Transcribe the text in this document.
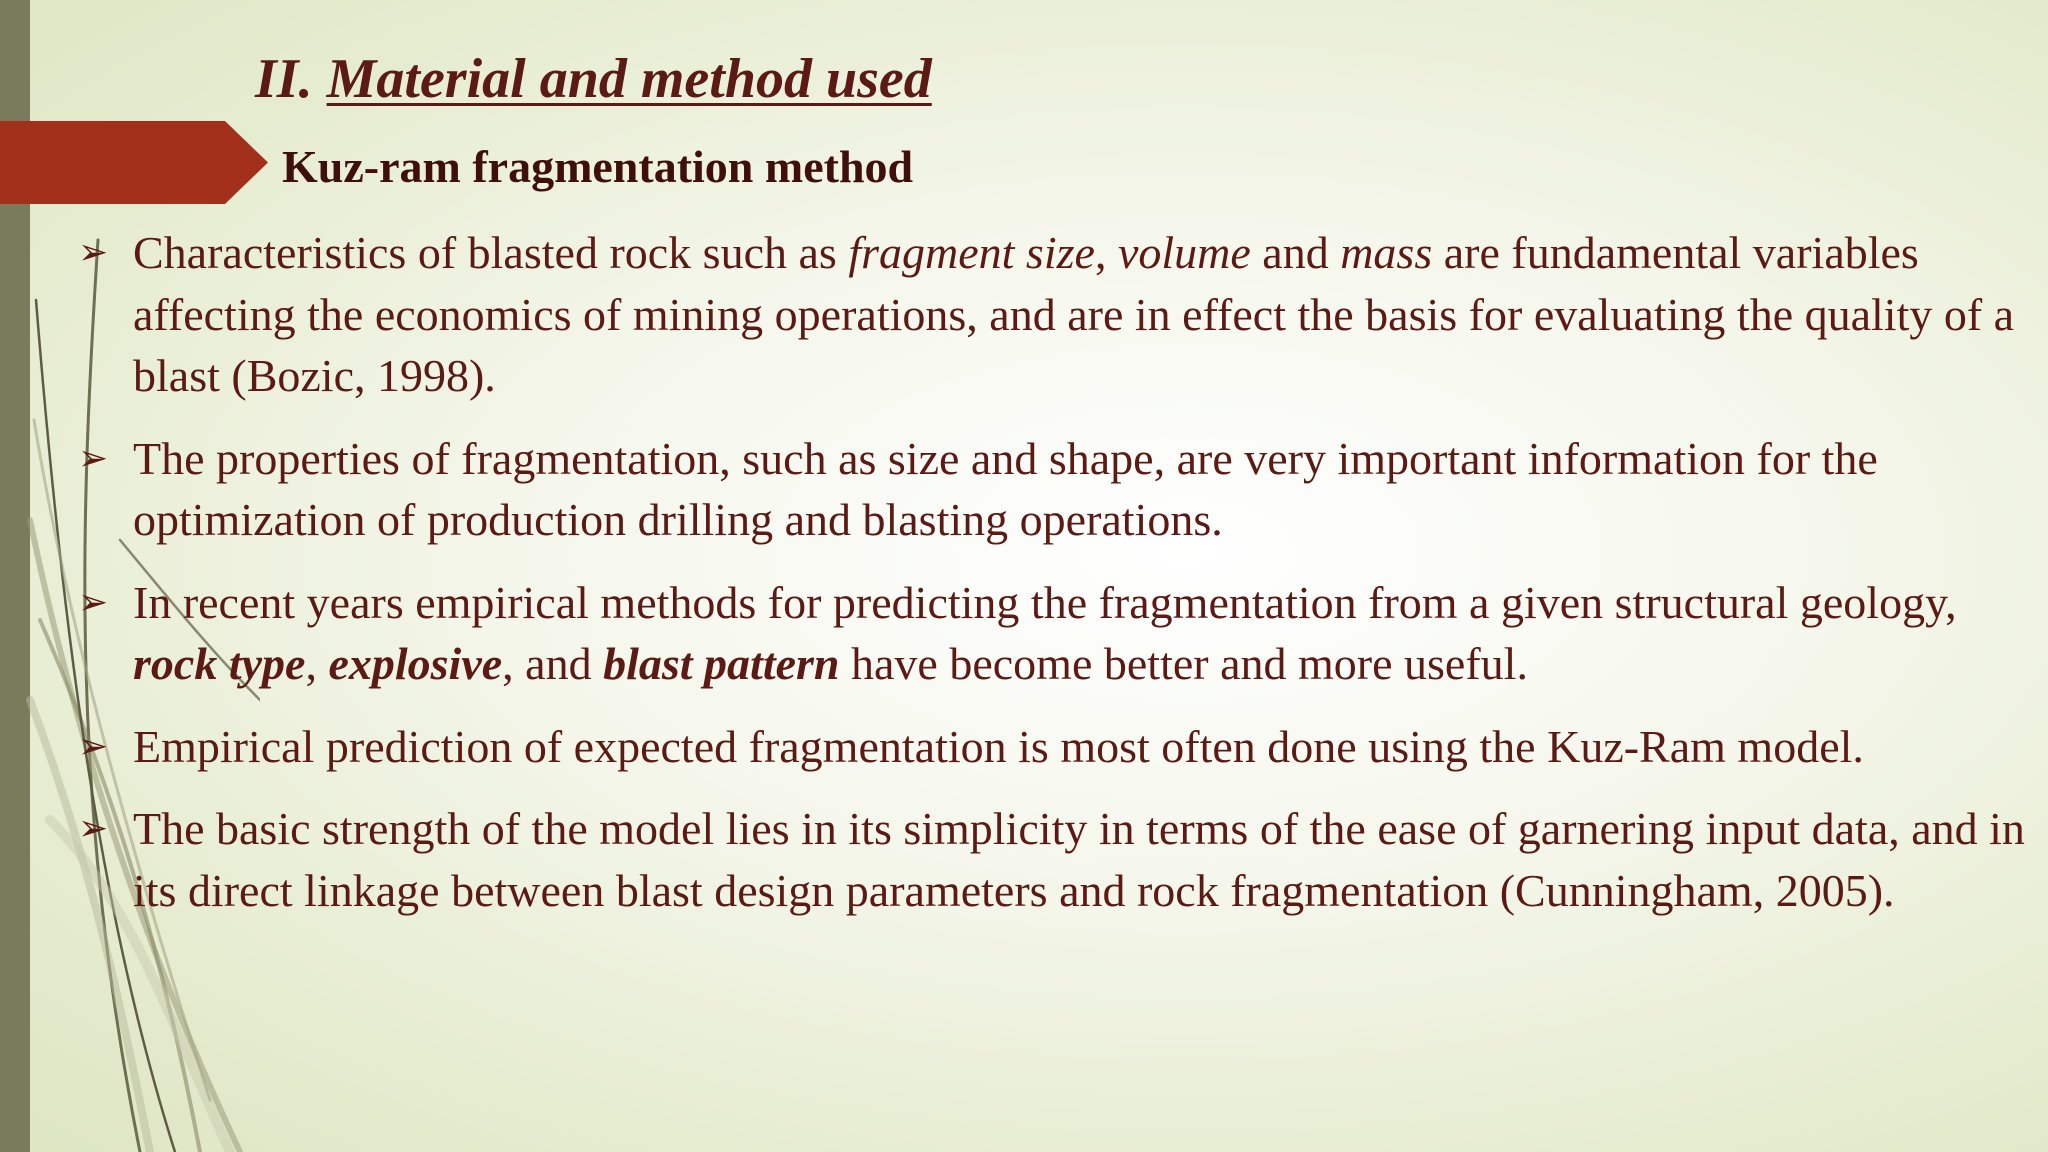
II. Material and method used
Kuz-ram fragmentation method
➢ Characteristics of blasted rock such as fragment size, volume and mass are fundamental variables affecting the economics of mining operations, and are in effect the basis for evaluating the quality of a blast (Bozic, 1998).
➢ The properties of fragmentation, such as size and shape, are very important information for the optimization of production drilling and blasting operations.
➢ In recent years empirical methods for predicting the fragmentation from a given structural geology, rock type, explosive, and blast pattern have become better and more useful.
➢ Empirical prediction of expected fragmentation is most often done using the Kuz-Ram model.
➢ The basic strength of the model lies in its simplicity in terms of the ease of garnering input data, and in its direct linkage between blast design parameters and rock fragmentation (Cunningham, 2005).
